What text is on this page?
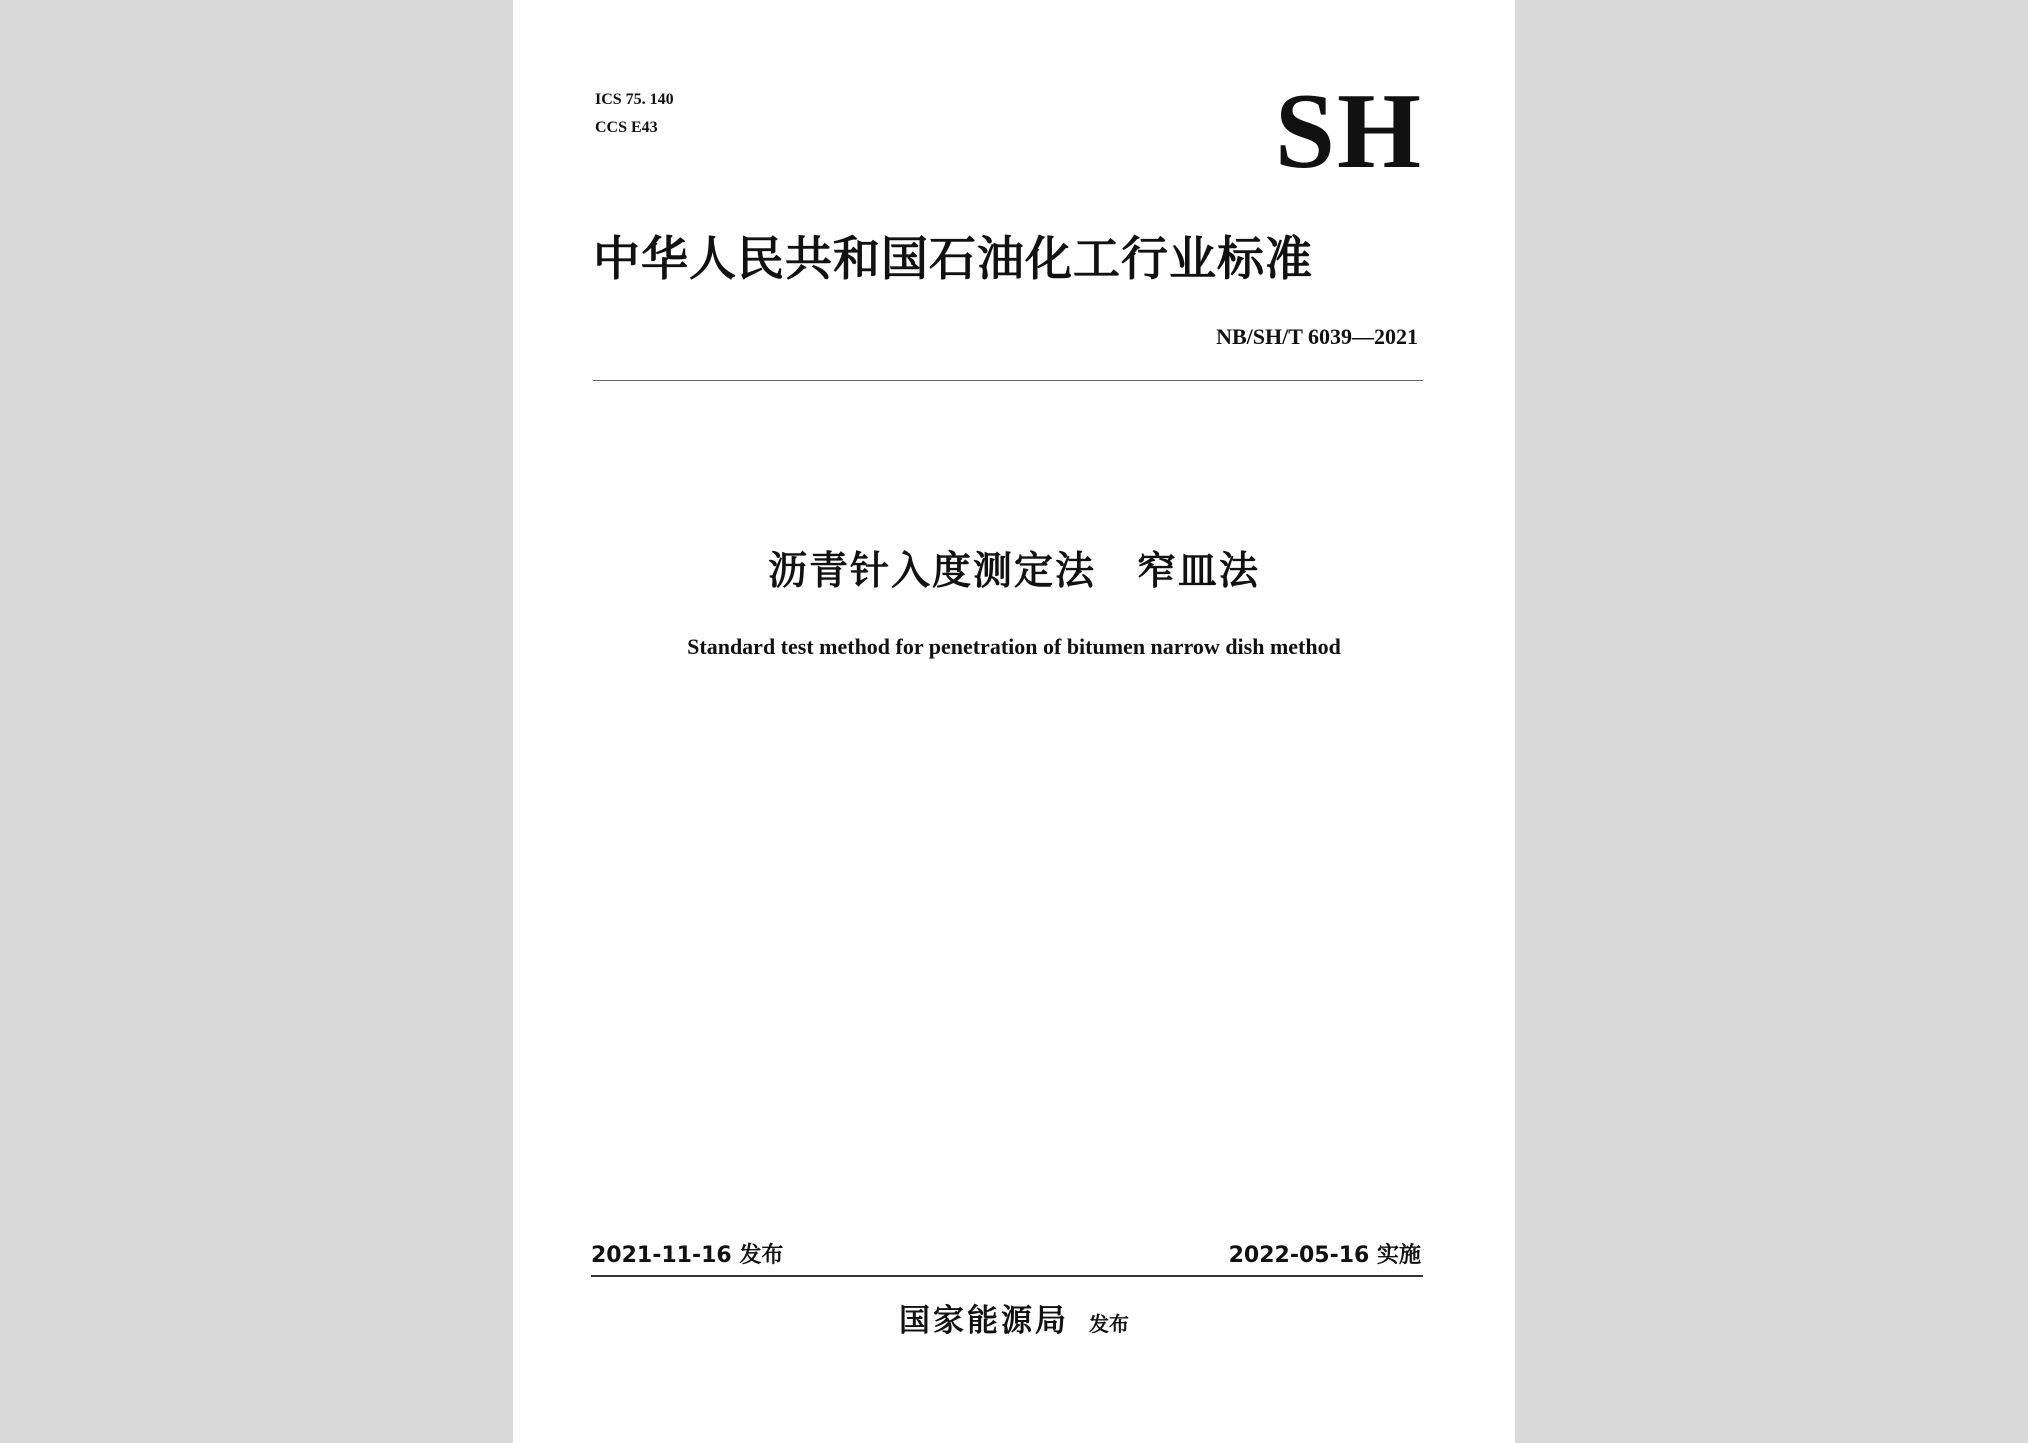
ICS 75. 140
CCS E43	SH
中华人民共和国石油化工行业标准
NB/SH/T 6039—2021
沥青针入度测定法　窄皿法
Standard test method for penetration of bitumen narrow dish method
2021-11-16 发布	2022-05-16 实施
国家能源局 发布
